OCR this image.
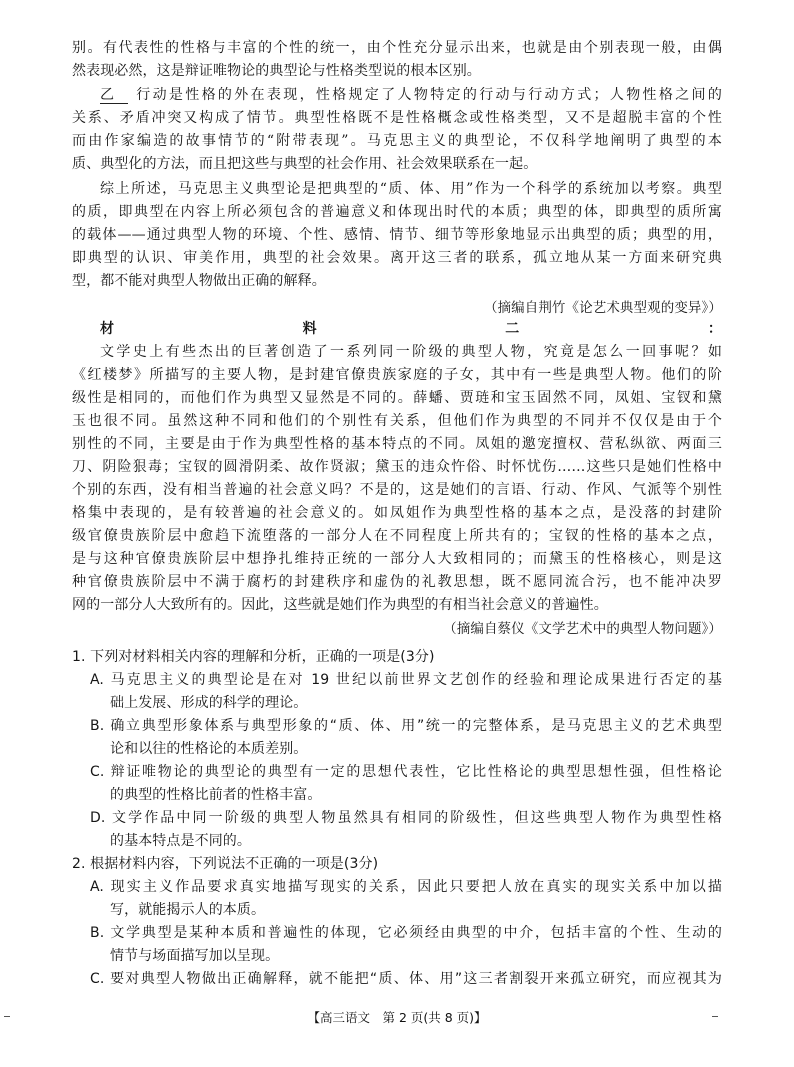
别。有代表性的性格与丰富的个性的统一，由个性充分显示出来，也就是由个别表现一般，由偶
然表现必然，这是辩证唯物论的典型论与性格类型说的根本区别。
乙 行动是性格的外在表现，性格规定了人物特定的行动与行动方式；人物性格之间的
关系、矛盾冲突又构成了情节。典型性格既不是性格概念或性格类型，又不是超脱丰富的个性
而由作家编造的故事情节的“附带表现”。马克思主义的典型论，不仅科学地阐明了典型的本
质、典型化的方法，而且把这些与典型的社会作用、社会效果联系在一起。
综上所述，马克思主义典型论是把典型的“质、体、用”作为一个科学的系统加以考察。典型
的质，即典型在内容上所必须包含的普遍意义和体现出时代的本质；典型的体，即典型的质所寓
的载体——通过典型人物的环境、个性、感情、情节、细节等形象地显示出典型的质；典型的用，
即典型的认识、审美作用，典型的社会效果。离开这三者的联系，孤立地从某一方面来研究典
型，都不能对典型人物做出正确的解释。
（摘编自荆竹《论艺术典型观的变异》）
材料二：
文学史上有些杰出的巨著创造了一系列同一阶级的典型人物，究竟是怎么一回事呢？如
《红楼梦》所描写的主要人物，是封建官僚贵族家庭的子女，其中有一些是典型人物。他们的阶
级性是相同的，而他们作为典型又显然是不同的。薛蟠、贾琏和宝玉固然不同，凤姐、宝钗和黛
玉也很不同。虽然这种不同和他们的个别性有关系，但他们作为典型的不同并不仅仅是由于个
别性的不同，主要是由于作为典型性格的基本特点的不同。凤姐的邀宠擅权、营私纵欲、两面三
刀、阴险狠毒；宝钗的圆滑阴柔、故作贤淑；黛玉的违众忤俗、时怀忧伤……这些只是她们性格中
个别的东西，没有相当普遍的社会意义吗？不是的，这是她们的言语、行动、作风、气派等个别性
格集中表现的，是有较普遍的社会意义的。如凤姐作为典型性格的基本之点，是没落的封建阶
级官僚贵族阶层中愈趋下流堕落的一部分人在不同程度上所共有的；宝钗的性格的基本之点，
是与这种官僚贵族阶层中想挣扎维持正统的一部分人大致相同的；而黛玉的性格核心，则是这
种官僚贵族阶层中不满于腐朽的封建秩序和虚伪的礼教思想，既不愿同流合污，也不能冲决罗
网的一部分人大致所有的。因此，这些就是她们作为典型的有相当社会意义的普遍性。
（摘编自蔡仪《文学艺术中的典型人物问题》）
1. 下列对材料相关内容的理解和分析，正确的一项是(3分)
A. 马克思主义的典型论是在对 19 世纪以前世界文艺创作的经验和理论成果进行否定的基
础上发展、形成的科学的理论。
B. 确立典型形象体系与典型形象的“质、体、用”统一的完整体系，是马克思主义的艺术典型
论和以往的性格论的本质差别。
C. 辩证唯物论的典型论的典型有一定的思想代表性，它比性格论的典型思想性强，但性格论
的典型的性格比前者的性格丰富。
D. 文学作品中同一阶级的典型人物虽然具有相同的阶级性，但这些典型人物作为典型性格
的基本特点是不同的。
2. 根据材料内容，下列说法不正确的一项是(3分)
A. 现实主义作品要求真实地描写现实的关系，因此只要把人放在真实的现实关系中加以描
写，就能揭示人的本质。
B. 文学典型是某种本质和普遍性的体现，它必须经由典型的中介，包括丰富的个性、生动的
情节与场面描写加以呈现。
C. 要对典型人物做出正确解释，就不能把“质、体、用”这三者割裂开来孤立研究，而应视其为
【高三语文　第 2 页(共 8 页)】
